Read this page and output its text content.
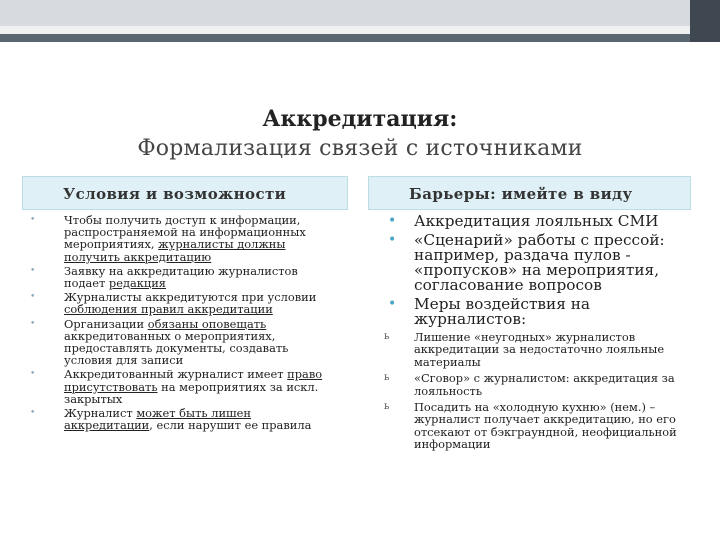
Аккредитация:
Формализация связей с источниками
Условия и возможности	Барьеры: имейте в виду
•	Чтобы получить доступ к информации, распространяемой на информационных мероприятиях, журналисты должны получить аккредитацию
•	Заявку на аккредитацию журналистов подает редакция
•	Журналисты аккредитуются при условии соблюдения правил аккредитации
•	Организации обязаны оповещать аккредитованных о мероприятиях, предоставлять документы, создавать условия для записи
•	Аккредитованный журналист имеет право присутствовать на мероприятиях за искл. закрытых
•	Журналист может быть лишен аккредитации, если нарушит ее правила
• Аккредитация лояльных СМИ
• «Сценарий» работы с прессой: например, раздача пулов - «пропусков» на мероприятия, согласование вопросов
• Меры воздействия на журналистов:
ь Лишение «неугодных» журналистов аккредитации за недостаточно лояльные материалы
ь «Сговор» с журналистом: аккредитация за лояльность
ь Посадить на «холодную кухню» (нем.) – журналист получает аккредитацию, но его отсекают от бэкграундной, неофициальной информации
